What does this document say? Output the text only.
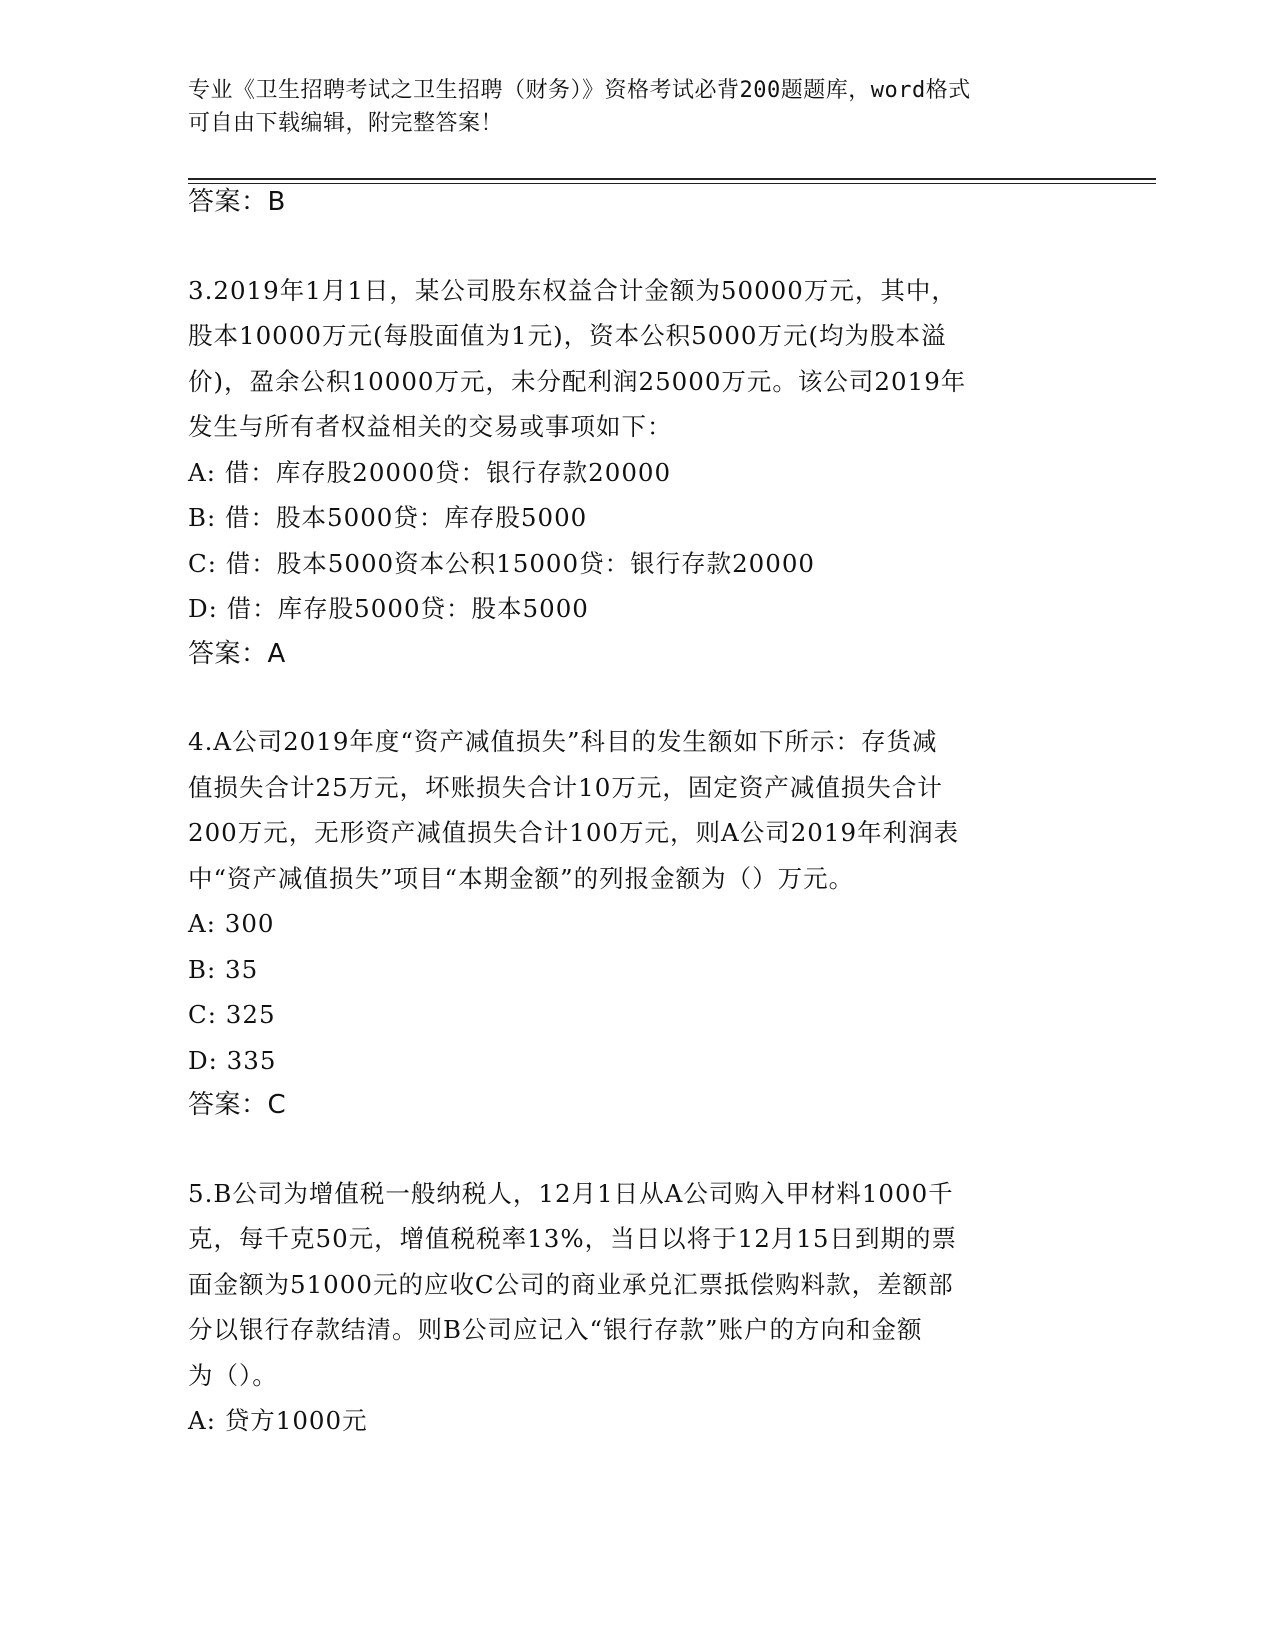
专业《卫生招聘考试之卫生招聘（财务）》资格考试必背200题题库，word格式
可自由下载编辑，附完整答案！
答案：B
3.2019年1月1日，某公司股东权益合计金额为50000万元，其中，
股本10000万元(每股面值为1元)，资本公积5000万元(均为股本溢
价)，盈余公积10000万元，未分配利润25000万元。该公司2019年
发生与所有者权益相关的交易或事项如下：
A: 借：库存股20000贷：银行存款20000
B: 借：股本5000贷：库存股5000
C: 借：股本5000资本公积15000贷：银行存款20000
D: 借：库存股5000贷：股本5000
答案：A
4.A公司2019年度“资产减值损失”科目的发生额如下所示：存货减
值损失合计25万元，坏账损失合计10万元，固定资产减值损失合计
200万元，无形资产减值损失合计100万元，则A公司2019年利润表
中“资产减值损失”项目“本期金额”的列报金额为（）万元。
A: 300
B: 35
C: 325
D: 335
答案：C
5.B公司为增值税一般纳税人，12月1日从A公司购入甲材料1000千
克，每千克50元，增值税税率13%，当日以将于12月15日到期的票
面金额为51000元的应收C公司的商业承兑汇票抵偿购料款，差额部
分以银行存款结清。则B公司应记入“银行存款”账户的方向和金额
为（）。
A: 贷方1000元
